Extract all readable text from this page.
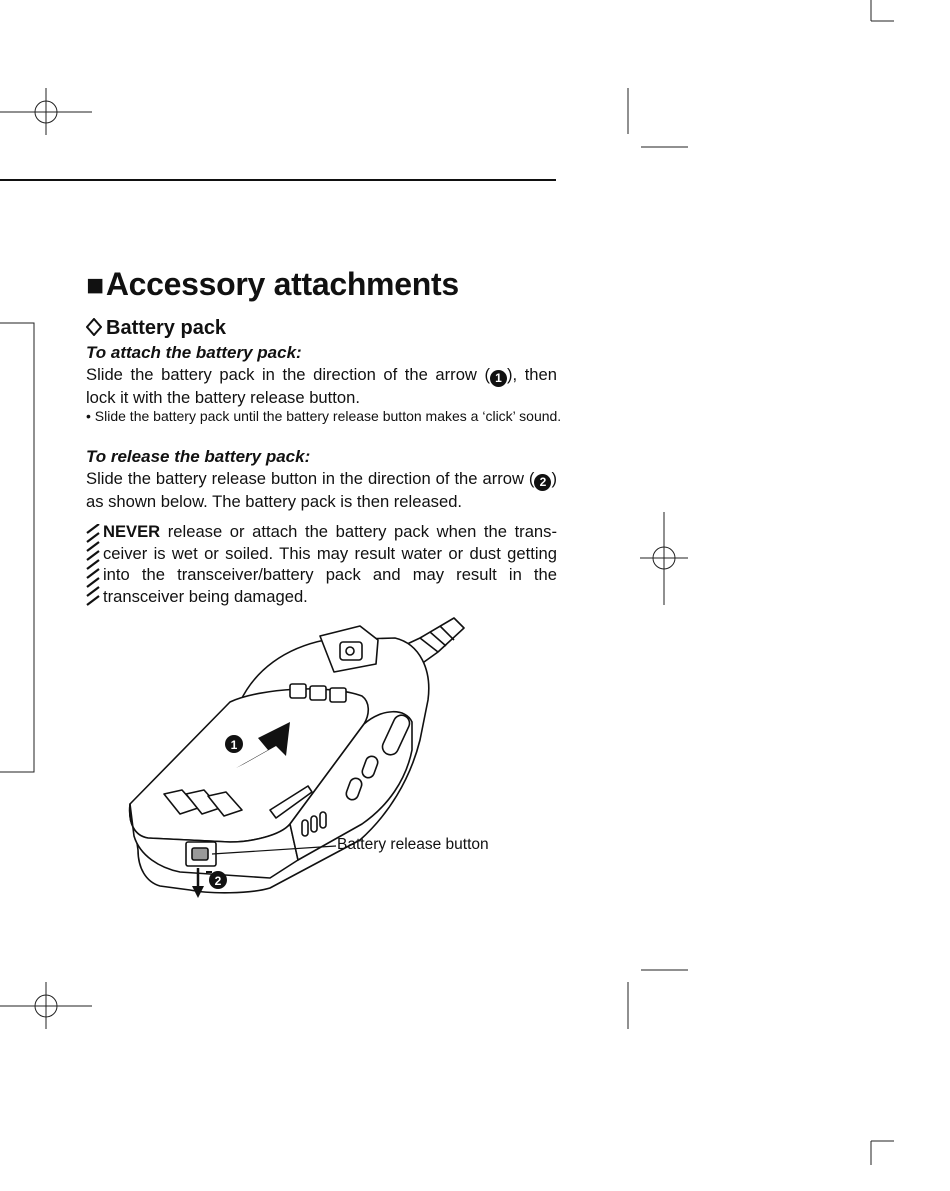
■Accessory attachments
Battery pack
To attach the battery pack:
Slide the battery pack in the direction of the arrow ( 1 ), then lock it with the battery release button.
• Slide the battery pack until the battery release button makes a ‘click’ sound.
To release the battery pack:
Slide the battery release button in the direction of the arrow ( 2 ) as shown below. The battery pack is then released.
NEVER release or attach the battery pack when the transceiver is wet or soiled. This may result water or dust getting into the transceiver/battery pack and may result in the transceiver being damaged.
1
2
Battery release button
